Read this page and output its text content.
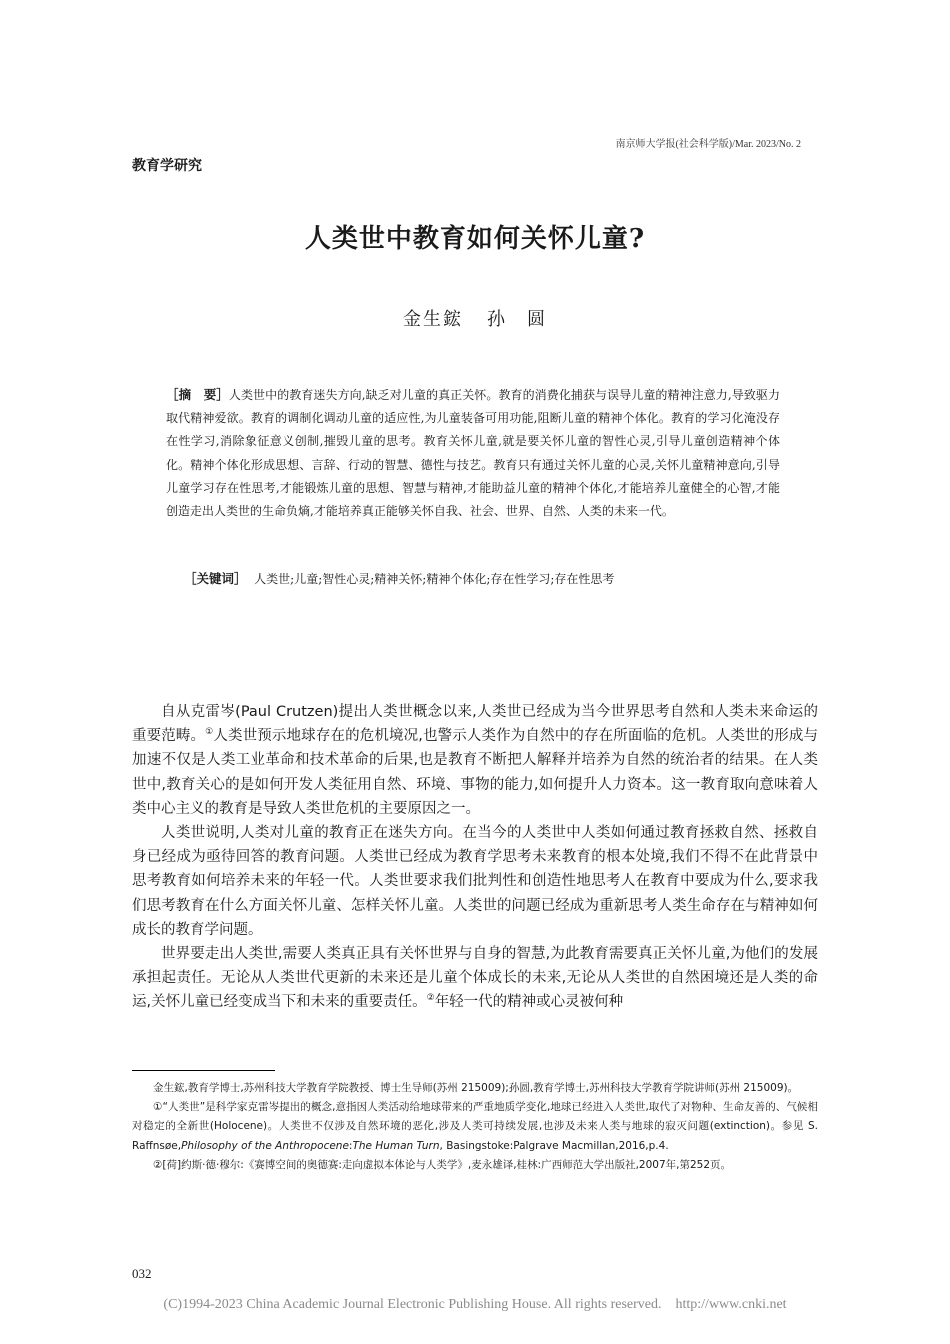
南京师大学报(社会科学版)/Mar. 2023/No. 2
教育学研究
人类世中教育如何关怀儿童?
金生鋐 孙　圆
［摘　要］人类世中的教育迷失方向,缺乏对儿童的真正关怀。教育的消费化捕获与误导儿童的精神注意力,导致驱力取代精神爱欲。教育的调制化调动儿童的适应性,为儿童装备可用功能,阻断儿童的精神个体化。教育的学习化淹没存在性学习,消除象征意义创制,摧毁儿童的思考。教育关怀儿童,就是要关怀儿童的智性心灵,引导儿童创造精神个体化。精神个体化形成思想、言辞、行动的智慧、德性与技艺。教育只有通过关怀儿童的心灵,关怀儿童精神意向,引导儿童学习存在性思考,才能锻炼儿童的思想、智慧与精神,才能助益儿童的精神个体化,才能培养儿童健全的心智,才能创造走出人类世的生命负熵,才能培养真正能够关怀自我、社会、世界、自然、人类的未来一代。
［关键词］ 人类世;儿童;智性心灵;精神关怀;精神个体化;存在性学习;存在性思考

自从克雷岑(Paul Crutzen)提出人类世概念以来,人类世已经成为当今世界思考自然和人类未来命运的重要范畴。①人类世预示地球存在的危机境况,也警示人类作为自然中的存在所面临的危机。人类世的形成与加速不仅是人类工业革命和技术革命的后果,也是教育不断把人解释并培养为自然的统治者的结果。在人类世中,教育关心的是如何开发人类征用自然、环境、事物的能力,如何提升人力资本。这一教育取向意味着人类中心主义的教育是导致人类世危机的主要原因之一。

人类世说明,人类对儿童的教育正在迷失方向。在当今的人类世中人类如何通过教育拯救自然、拯救自身已经成为亟待回答的教育问题。人类世已经成为教育学思考未来教育的根本处境,我们不得不在此背景中思考教育如何培养未来的年轻一代。人类世要求我们批判性和创造性地思考人在教育中要成为什么,要求我们思考教育在什么方面关怀儿童、怎样关怀儿童。人类世的问题已经成为重新思考人类生命存在与精神如何成长的教育学问题。

世界要走出人类世,需要人类真正具有关怀世界与自身的智慧,为此教育需要真正关怀儿童,为他们的发展承担起责任。无论从人类世代更新的未来还是儿童个体成长的未来,无论从人类世的自然困境还是人类的命运,关怀儿童已经变成当下和未来的重要责任。②年轻一代的精神或心灵被何种

金生鋐,教育学博士,苏州科技大学教育学院教授、博士生导师(苏州 215009);孙圆,教育学博士,苏州科技大学教育学院讲师(苏州 215009)。

①“人类世”是科学家克雷岑提出的概念,意指因人类活动给地球带来的严重地质学变化,地球已经进入人类世,取代了对物种、生命友善的、气候相对稳定的全新世(Holocene)。人类世不仅涉及自然环境的恶化,涉及人类可持续发展,也涉及未来人类与地球的寂灭问题(extinction)。参见 S. Raffnsøe,Philosophy of the Anthropocene:The Human Turn, Basingstoke:Palgrave Macmillan,2016,p.4.

②[荷]约斯·德·穆尔:《赛博空间的奥德赛:走向虚拟本体论与人类学》,麦永雄译,桂林:广西师范大学出版社,2007年,第252页。

032
(C)1994-2023 China Academic Journal Electronic Publishing House. All rights reserved.    http://www.cnki.net
